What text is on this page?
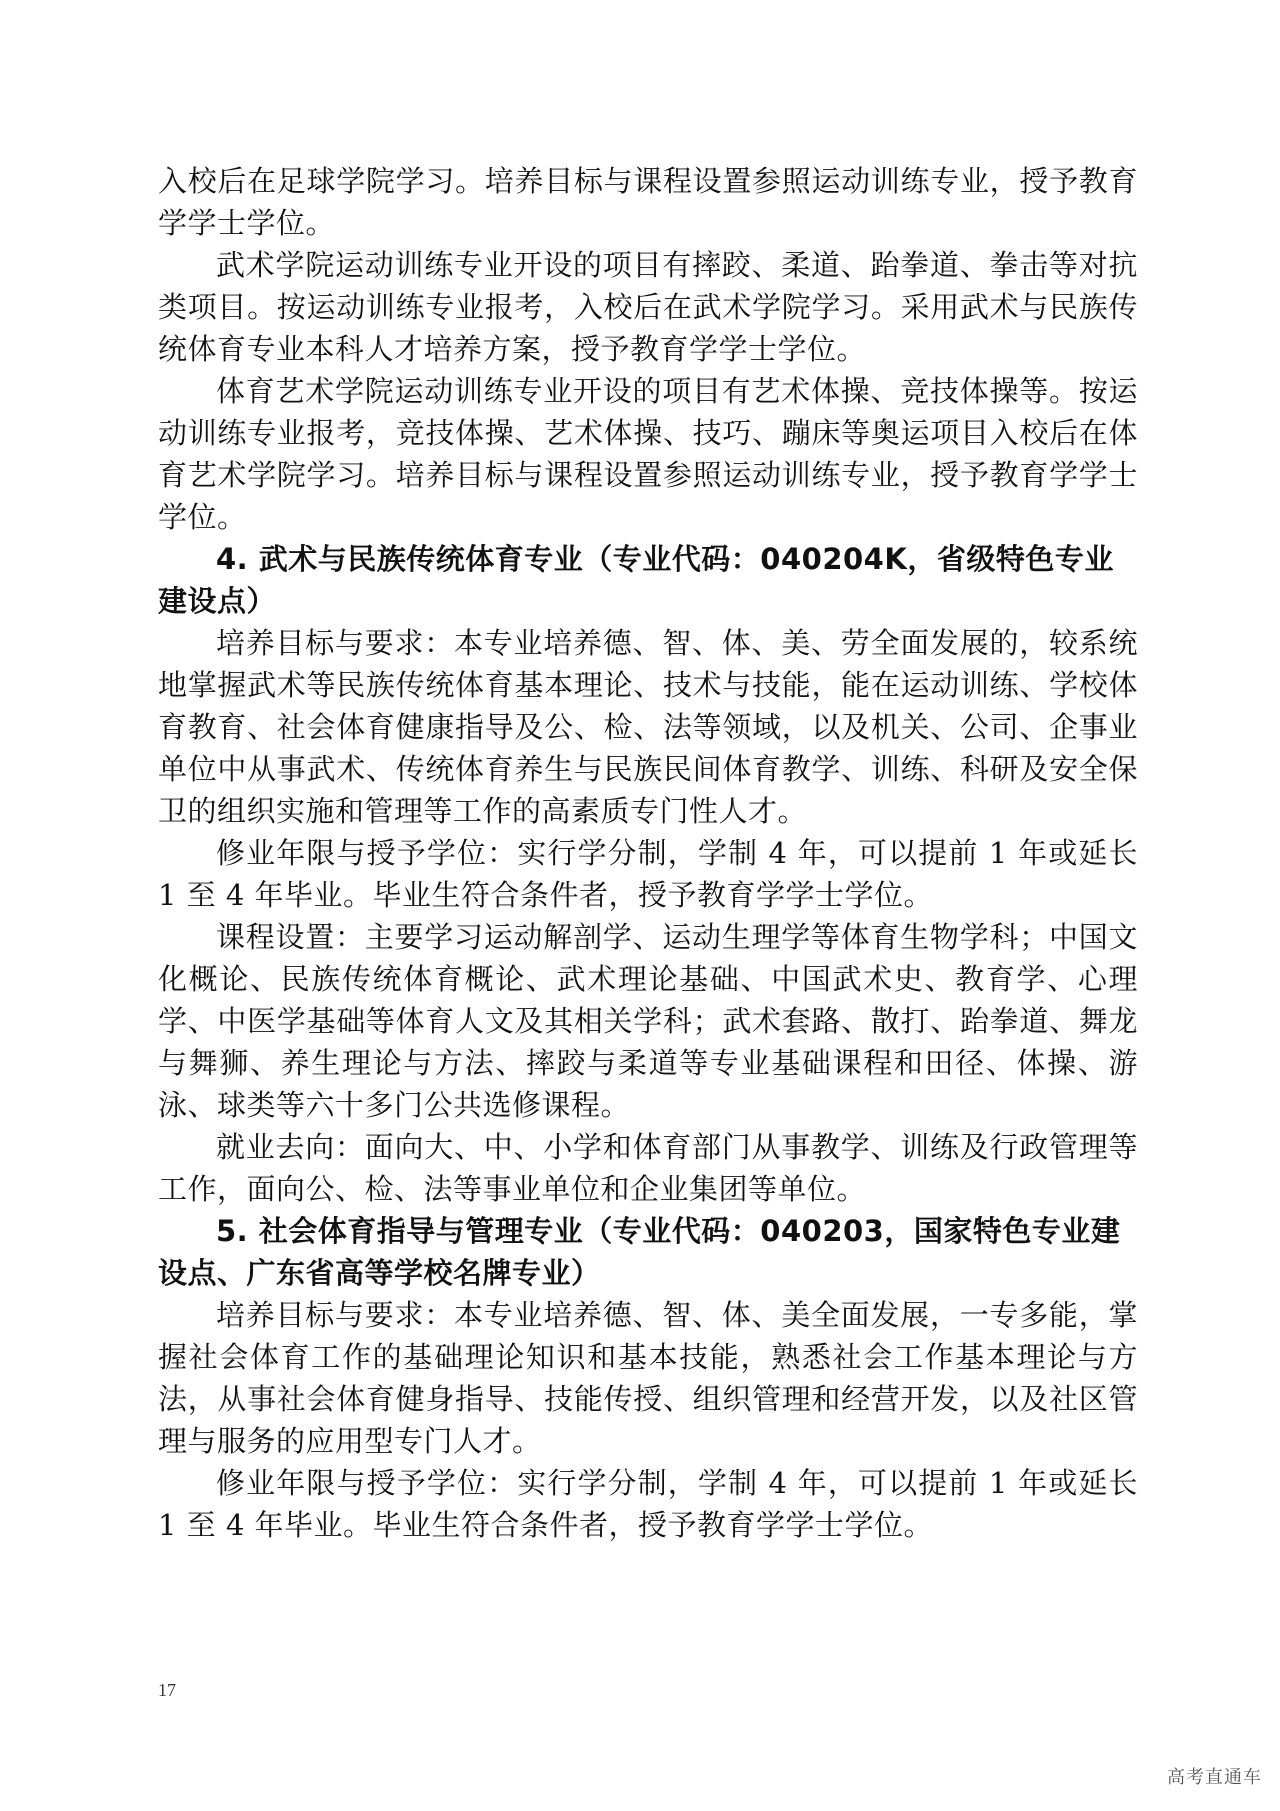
入校后在足球学院学习。培养目标与课程设置参照运动训练专业，授予教育学学士学位。

武术学院运动训练专业开设的项目有摔跤、柔道、跆拳道、拳击等对抗类项目。按运动训练专业报考，入校后在武术学院学习。采用武术与民族传统体育专业本科人才培养方案，授予教育学学士学位。

体育艺术学院运动训练专业开设的项目有艺术体操、竞技体操等。按运动训练专业报考，竞技体操、艺术体操、技巧、蹦床等奥运项目入校后在体育艺术学院学习。培养目标与课程设置参照运动训练专业，授予教育学学士学位。

4. 武术与民族传统体育专业（专业代码：040204K，省级特色专业建设点）

培养目标与要求：本专业培养德、智、体、美、劳全面发展的，较系统地掌握武术等民族传统体育基本理论、技术与技能，能在运动训练、学校体育教育、社会体育健康指导及公、检、法等领域，以及机关、公司、企事业单位中从事武术、传统体育养生与民族民间体育教学、训练、科研及安全保卫的组织实施和管理等工作的高素质专门性人才。

修业年限与授予学位：实行学分制，学制 4 年，可以提前 1 年或延长 1 至 4 年毕业。毕业生符合条件者，授予教育学学士学位。

课程设置：主要学习运动解剖学、运动生理学等体育生物学科；中国文化概论、民族传统体育概论、武术理论基础、中国武术史、教育学、心理学、中医学基础等体育人文及其相关学科；武术套路、散打、跆拳道、舞龙与舞狮、养生理论与方法、摔跤与柔道等专业基础课程和田径、体操、游泳、球类等六十多门公共选修课程。

就业去向：面向大、中、小学和体育部门从事教学、训练及行政管理等工作，面向公、检、法等事业单位和企业集团等单位。

5. 社会体育指导与管理专业（专业代码：040203，国家特色专业建设点、广东省高等学校名牌专业）

培养目标与要求：本专业培养德、智、体、美全面发展，一专多能，掌握社会体育工作的基础理论知识和基本技能，熟悉社会工作基本理论与方法，从事社会体育健身指导、技能传授、组织管理和经营开发，以及社区管理与服务的应用型专门人才。

修业年限与授予学位：实行学分制，学制 4 年，可以提前 1 年或延长 1 至 4 年毕业。毕业生符合条件者，授予教育学学士学位。

17
高考直通车
